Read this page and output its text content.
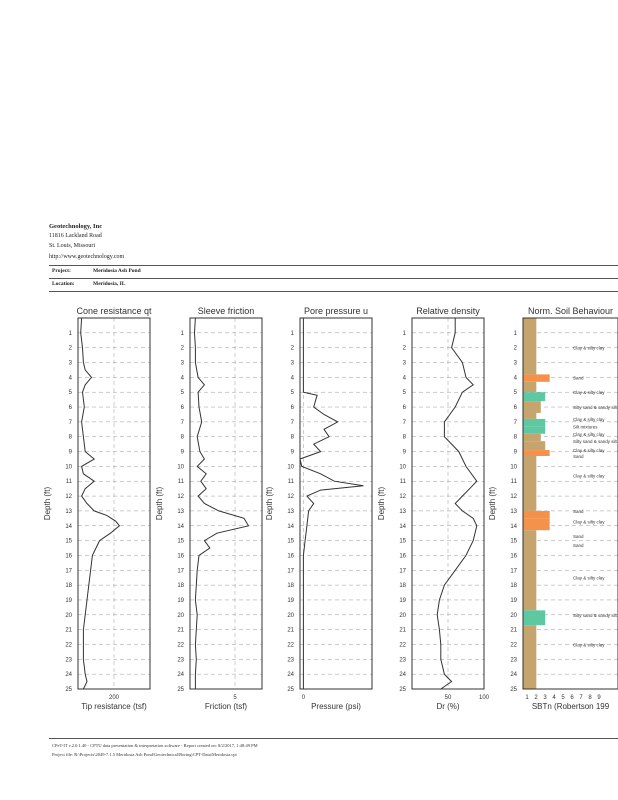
Geotechnology, Inc
11816 Lackland Road
St. Louis, Missouri
http://www.geotechnology.com
Project:	Meridosia Ash Pond
Location:	Meridosia, IL
Cone resistance qt
Tip resistance (tsf)
Depth (ft)
1
2
3
4
5
6
7
8
9
10
11
12
13
14
15
16
17
18
19
20
21
22
23
24
25
200
Sleeve friction
Friction (tsf)
Depth (ft)
1
2
3
4
5
6
7
8
9
10
11
12
13
14
15
16
17
18
19
20
21
22
23
24
25
5
Pore pressure u
Pressure (psi)
Depth (ft)
1
2
3
4
5
6
7
8
9
10
11
12
13
14
15
16
17
18
19
20
21
22
23
24
25
0
Relative density
Dr (%)
Depth (ft)
1
2
3
4
5
6
7
8
9
10
11
12
13
14
15
16
17
18
19
20
21
22
23
24
25
50	100
Norm. Soil Behaviour
SBTn (Robertson 199
Depth (ft)
1
2
3
4
5
6
7
8
9
10
11
12
13
14
15
16
17
18
19
20
21
22
23
24
25
Clay & silty clay
Sand
Clay & silty clay
Silty sand & sandy silt
Clay & silty clay
Silt mixtures
Clay & silty clay
Silty sand & sandy silt
Clay & silty clay
Sand
Clay & silty clay
Sand
Clay & silty clay
Sand
Sand
Clay & silty clay
Silty sand & sandy silt
Clay & silty clay
1 2 3 4 5 6 7 8 9
CPeT-IT v.2.0.1.40 - CPTU data presentation & interpretation software - Report created on: 8/2/2017, 1:48:49 PM
Project file: R:\Projects\2049-7.1.5 Meridosia Ash Pond\Geotechnical\Boring\CPT-Data\Meridosia.cpt
